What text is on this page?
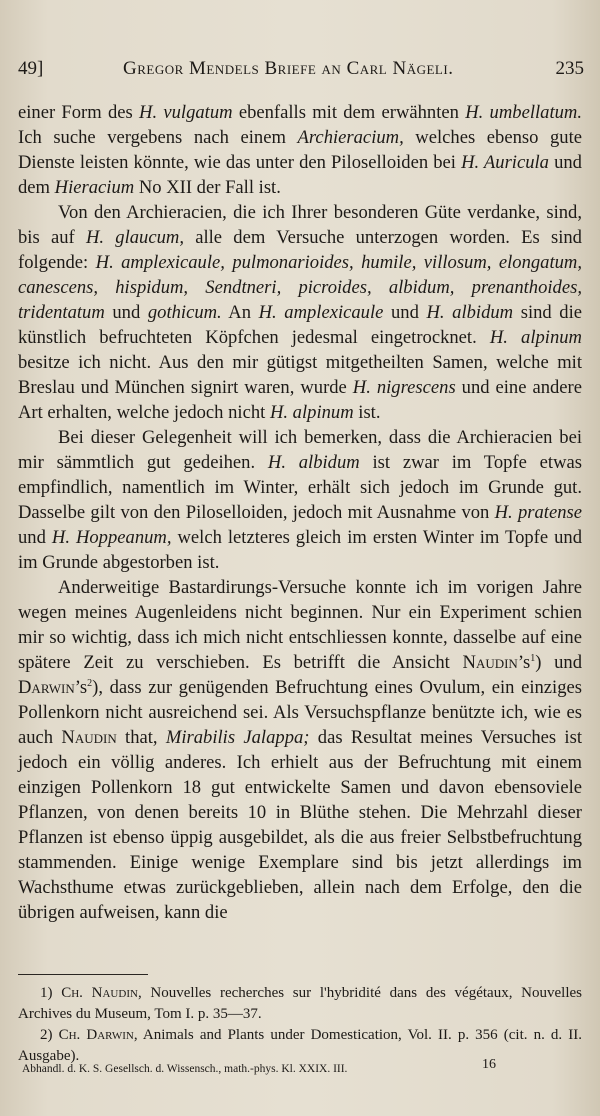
49]	Gregor Mendels Briefe an Carl Nägeli.	235

einer Form des H. vulgatum ebenfalls mit dem erwähnten H. umbellatum. Ich suche vergebens nach einem Archieracium, welches ebenso gute Dienste leisten könnte, wie das unter den Piloselloiden bei H. Auricula und dem Hieracium No XII der Fall ist.

Von den Archieracien, die ich Ihrer besonderen Güte verdanke, sind, bis auf H. glaucum, alle dem Versuche unterzogen worden. Es sind folgende: H. amplexicaule, pulmonarioides, humile, villosum, elongatum, canescens, hispidum, Sendtneri, picroides, albidum, prenanthoides, tridentatum und gothicum. An H. amplexicaule und H. albidum sind die künstlich befruchteten Köpfchen jedesmal eingetrocknet. H. alpinum besitze ich nicht. Aus den mir gütigst mitgetheilten Samen, welche mit Breslau und München signirt waren, wurde H. nigrescens und eine andere Art erhalten, welche jedoch nicht H. alpinum ist.

Bei dieser Gelegenheit will ich bemerken, dass die Archieracien bei mir sämmtlich gut gedeihen. H. albidum ist zwar im Topfe etwas empfindlich, namentlich im Winter, erhält sich jedoch im Grunde gut. Dasselbe gilt von den Piloselloiden, jedoch mit Ausnahme von H. pratense und H. Hoppeanum, welch letzteres gleich im ersten Winter im Topfe und im Grunde abgestorben ist.

Anderweitige Bastardirungs-Versuche konnte ich im vorigen Jahre wegen meines Augenleidens nicht beginnen. Nur ein Experiment schien mir so wichtig, dass ich mich nicht entschliessen konnte, dasselbe auf eine spätere Zeit zu verschieben. Es betrifft die Ansicht $Naudin’s^1$) und $Darwin’s^2$), dass zur genügenden Befruchtung eines Ovulum, ein einziges Pollenkorn nicht ausreichend sei. Als Versuchspflanze benützte ich, wie es auch Naudin that, Mirabilis Jalappa; das Resultat meines Versuches ist jedoch ein völlig anderes. Ich erhielt aus der Befruchtung mit einem einzigen Pollenkorn 18 gut entwickelte Samen und davon ebensoviele Pflanzen, von denen bereits 10 in Blüthe stehen. Die Mehrzahl dieser Pflanzen ist ebenso üppig ausgebildet, als die aus freier Selbstbefruchtung stammenden. Einige wenige Exemplare sind bis jetzt allerdings im Wachsthume etwas zurückgeblieben, allein nach dem Erfolge, den die übrigen aufweisen, kann die

1) Ch. Naudin, Nouvelles recherches sur l'hybridité dans des végétaux, Nouvelles Archives du Museum, Tom I. p. 35—37.

2) Ch. Darwin, Animals and Plants under Domestication, Vol. II. p. 356 (cit. n. d. II. Ausgabe).

Abhandl. d. K. S. Gesellsch. d. Wissensch., math.-phys. Kl. XXIX. III.	16
